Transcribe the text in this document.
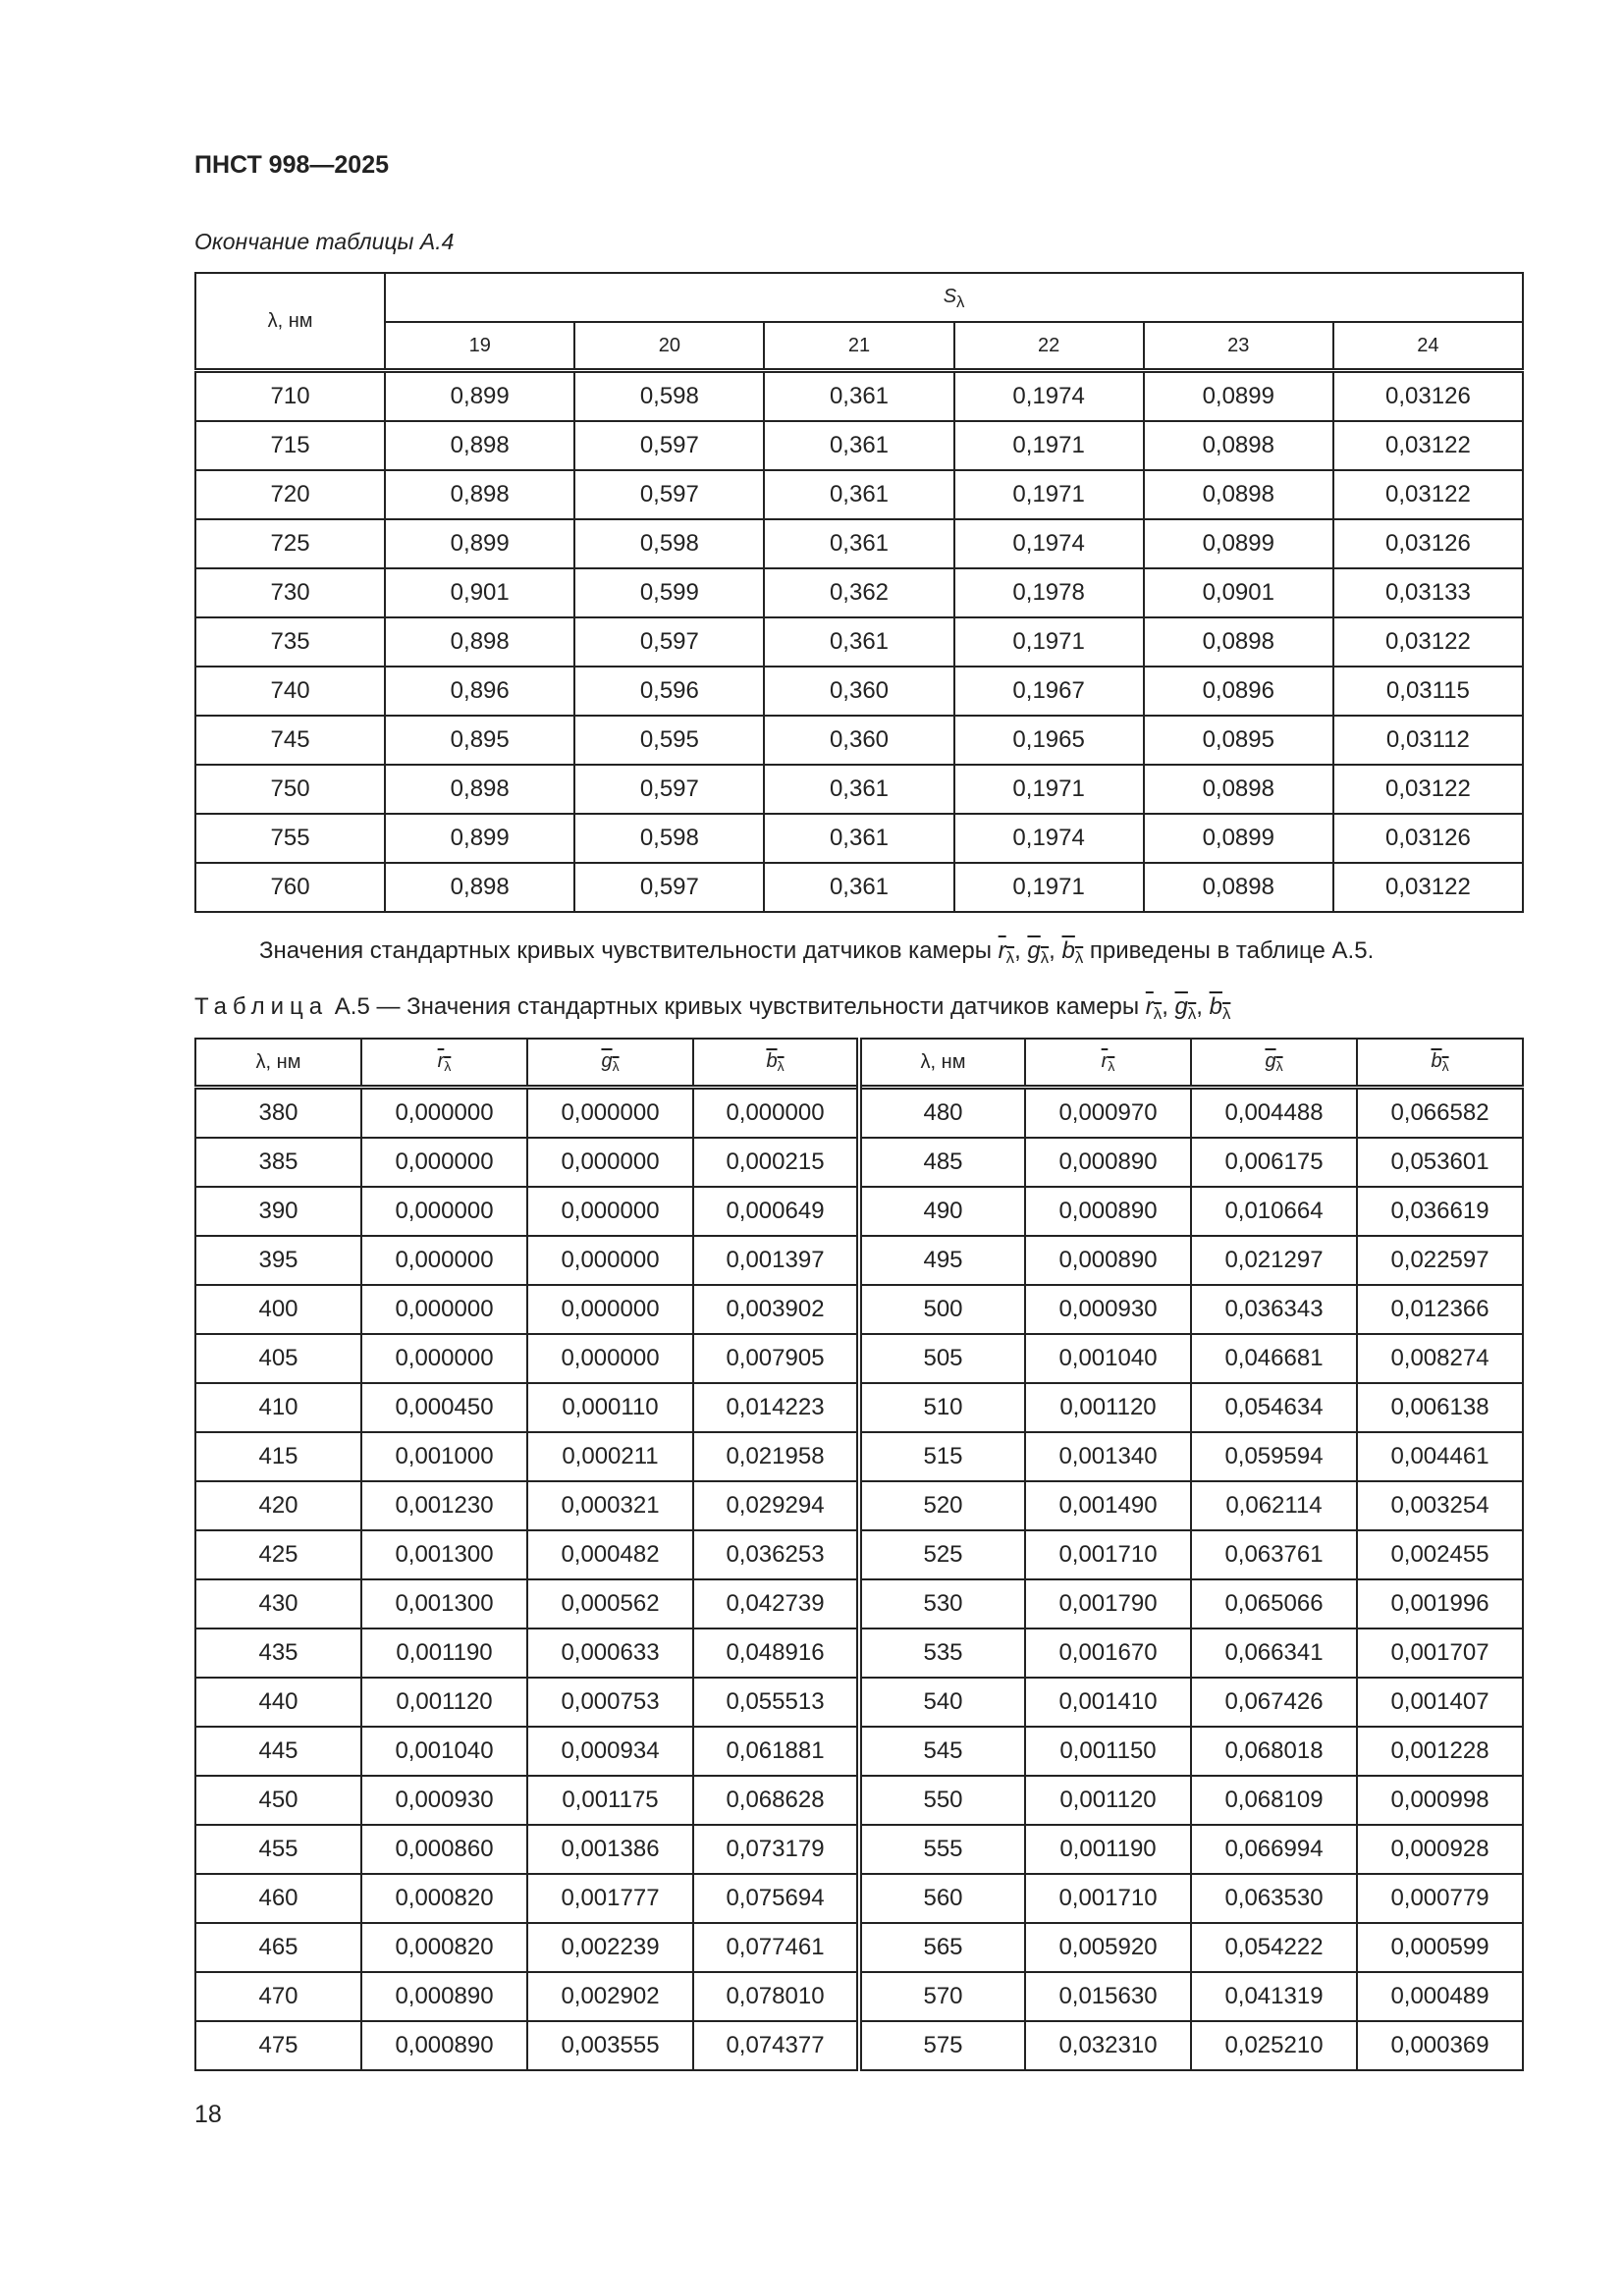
ПНСТ 998—2025
Окончание таблицы А.4
λ, нм	$S_\lambda$
	19	20	21	22	23	24
710	0,899	0,598	0,361	0,1974	0,0899	0,03126
715	0,898	0,597	0,361	0,1971	0,0898	0,03122
720	0,898	0,597	0,361	0,1971	0,0898	0,03122
725	0,899	0,598	0,361	0,1974	0,0899	0,03126
730	0,901	0,599	0,362	0,1978	0,0901	0,03133
735	0,898	0,597	0,361	0,1971	0,0898	0,03122
740	0,896	0,596	0,360	0,1967	0,0896	0,03115
745	0,895	0,595	0,360	0,1965	0,0895	0,03112
750	0,898	0,597	0,361	0,1971	0,0898	0,03122
755	0,899	0,598	0,361	0,1974	0,0899	0,03126
760	0,898	0,597	0,361	0,1971	0,0898	0,03122
Значения стандартных кривых чувствительности датчиков камеры $r_\lambda$, $g_\lambda$, $b_\lambda$ приведены в таблице А.5.
Таблица А.5 — Значения стандартных кривых чувствительности датчиков камеры $r_\lambda$, $g_\lambda$, $b_\lambda$
λ, нм	$r_\lambda$	$g_\lambda$	$b_\lambda$	λ, нм	$r_\lambda$	$g_\lambda$	$b_\lambda$
380	0,000000	0,000000	0,000000	480	0,000970	0,004488	0,066582
385	0,000000	0,000000	0,000215	485	0,000890	0,006175	0,053601
390	0,000000	0,000000	0,000649	490	0,000890	0,010664	0,036619
395	0,000000	0,000000	0,001397	495	0,000890	0,021297	0,022597
400	0,000000	0,000000	0,003902	500	0,000930	0,036343	0,012366
405	0,000000	0,000000	0,007905	505	0,001040	0,046681	0,008274
410	0,000450	0,000110	0,014223	510	0,001120	0,054634	0,006138
415	0,001000	0,000211	0,021958	515	0,001340	0,059594	0,004461
420	0,001230	0,000321	0,029294	520	0,001490	0,062114	0,003254
425	0,001300	0,000482	0,036253	525	0,001710	0,063761	0,002455
430	0,001300	0,000562	0,042739	530	0,001790	0,065066	0,001996
435	0,001190	0,000633	0,048916	535	0,001670	0,066341	0,001707
440	0,001120	0,000753	0,055513	540	0,001410	0,067426	0,001407
445	0,001040	0,000934	0,061881	545	0,001150	0,068018	0,001228
450	0,000930	0,001175	0,068628	550	0,001120	0,068109	0,000998
455	0,000860	0,001386	0,073179	555	0,001190	0,066994	0,000928
460	0,000820	0,001777	0,075694	560	0,001710	0,063530	0,000779
465	0,000820	0,002239	0,077461	565	0,005920	0,054222	0,000599
470	0,000890	0,002902	0,078010	570	0,015630	0,041319	0,000489
475	0,000890	0,003555	0,074377	575	0,032310	0,025210	0,000369
18
